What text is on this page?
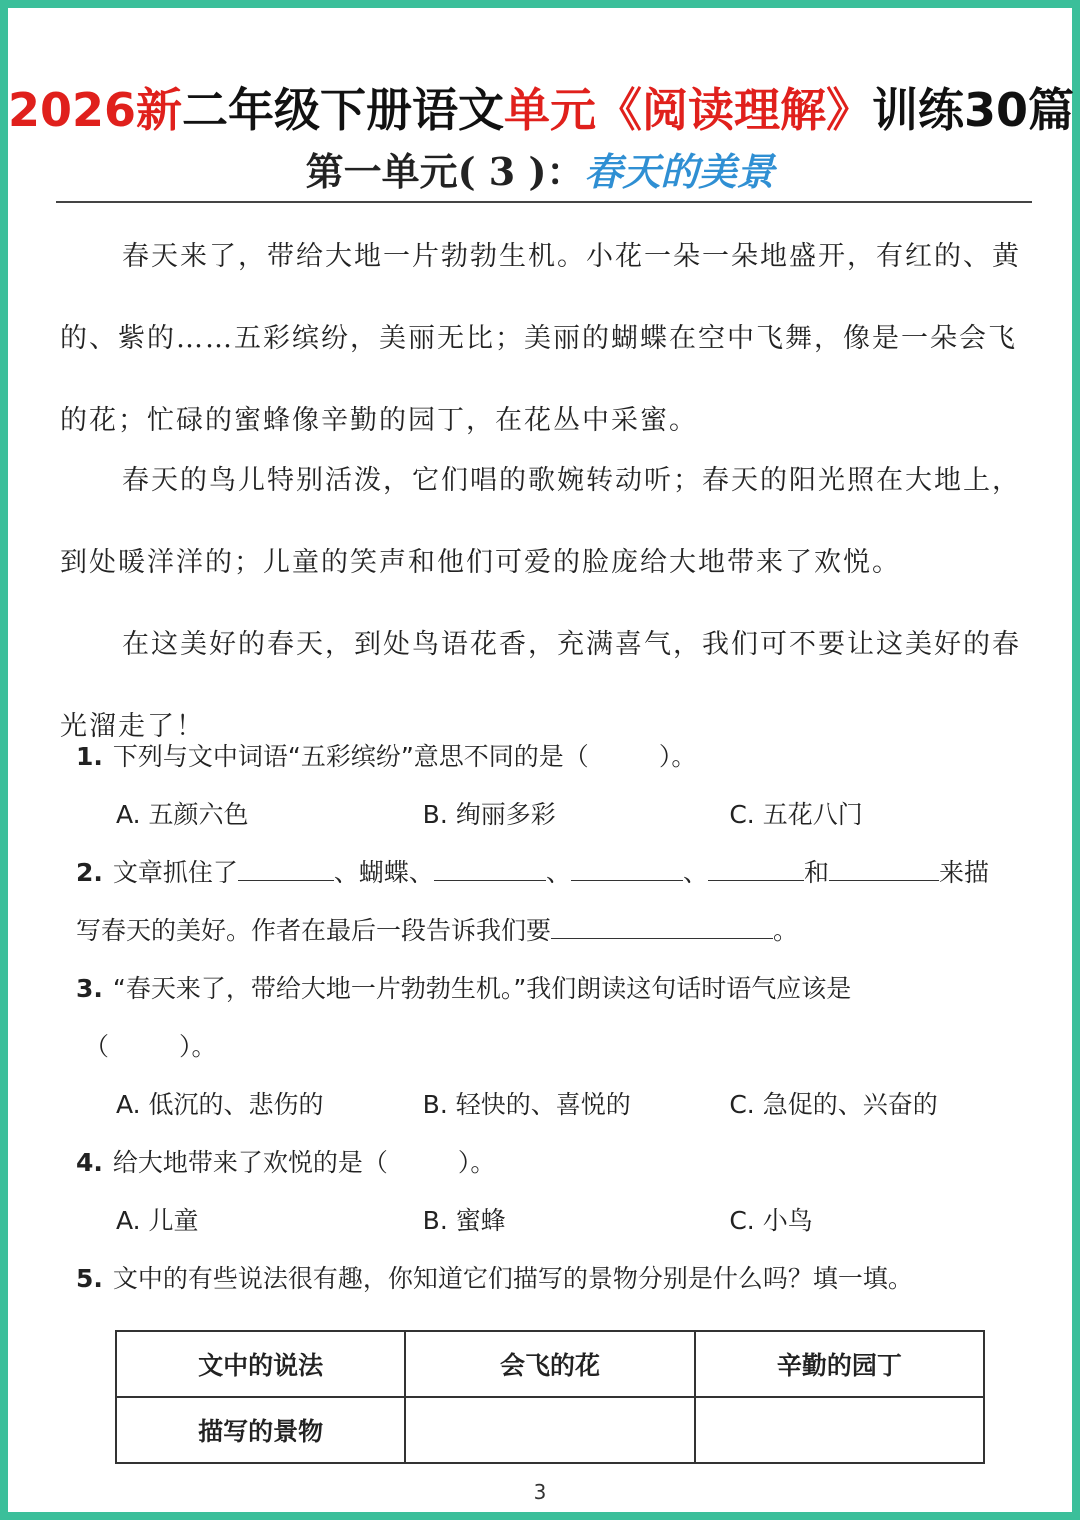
2026新二年级下册语文单元《阅读理解》训练30篇
第一单元( 3 )：春天的美景

春天来了，带给大地一片勃勃生机。小花一朵一朵地盛开，有红的、黄的、紫的……五彩缤纷，美丽无比；美丽的蝴蝶在空中飞舞，像是一朵会飞的花；忙碌的蜜蜂像辛勤的园丁，在花丛中采蜜。

春天的鸟儿特别活泼，它们唱的歌婉转动听；春天的阳光照在大地上，到处暖洋洋的；儿童的笑声和他们可爱的脸庞给大地带来了欢悦。

在这美好的春天，到处鸟语花香，充满喜气，我们可不要让这美好的春光溜走了！

1. 下列与文中词语“五彩缤纷”意思不同的是（	）。

A. 五颜六色	B. 绚丽多彩	C. 五花八门

2. 文章抓住了	、蝴蝶、	、	、	和	来描

写春天的美好。作者在最后一段告诉我们要	。

3. “春天来了，带给大地一片勃勃生机。”我们朗读这句话时语气应该是

（	）。

A. 低沉的、悲伤的	B. 轻快的、喜悦的	C. 急促的、兴奋的

4. 给大地带来了欢悦的是（	）。

A. 儿童	B. 蜜蜂	C. 小鸟

5. 文中的有些说法很有趣，你知道它们描写的景物分别是什么吗？填一填。

文中的说法	会飞的花	辛勤的园丁
描写的景物		
3
